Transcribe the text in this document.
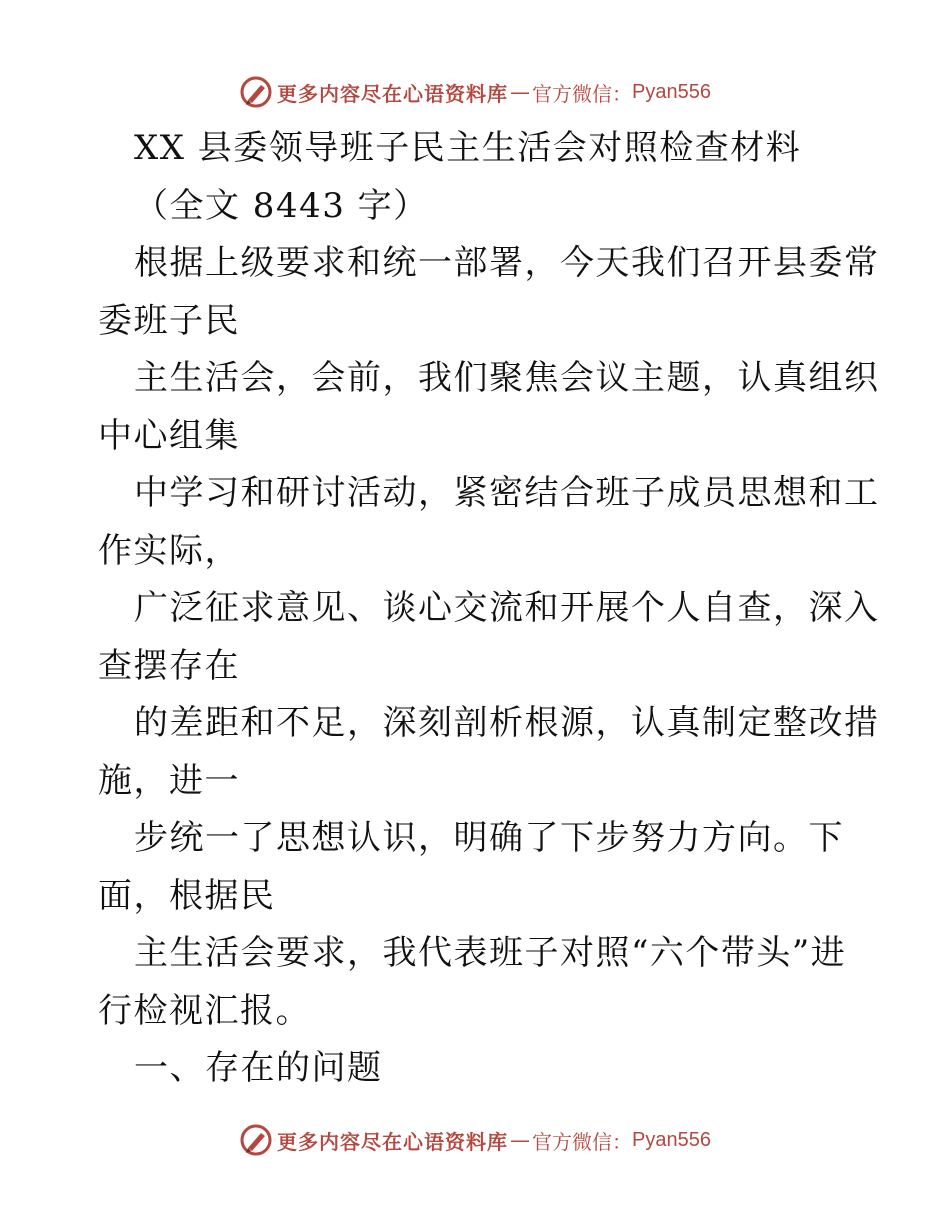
更多内容尽在心语资料库 — 官方微信： Pyan556
XX 县委领导班子民主生活会对照检查材料
（全文 8443 字）
根据上级要求和统一部署，今天我们召开县委常
委班子民
主生活会，会前，我们聚焦会议主题，认真组织
中心组集
中学习和研讨活动，紧密结合班子成员思想和工
作实际，
广泛征求意见、谈心交流和开展个人自查，深入
查摆存在
的差距和不足，深刻剖析根源，认真制定整改措
施，进一
步统一了思想认识，明确了下步努力方向。下
面，根据民
主生活会要求，我代表班子对照“六个带头”进
行检视汇报。
一、存在的问题
更多内容尽在心语资料库 — 官方微信： Pyan556
